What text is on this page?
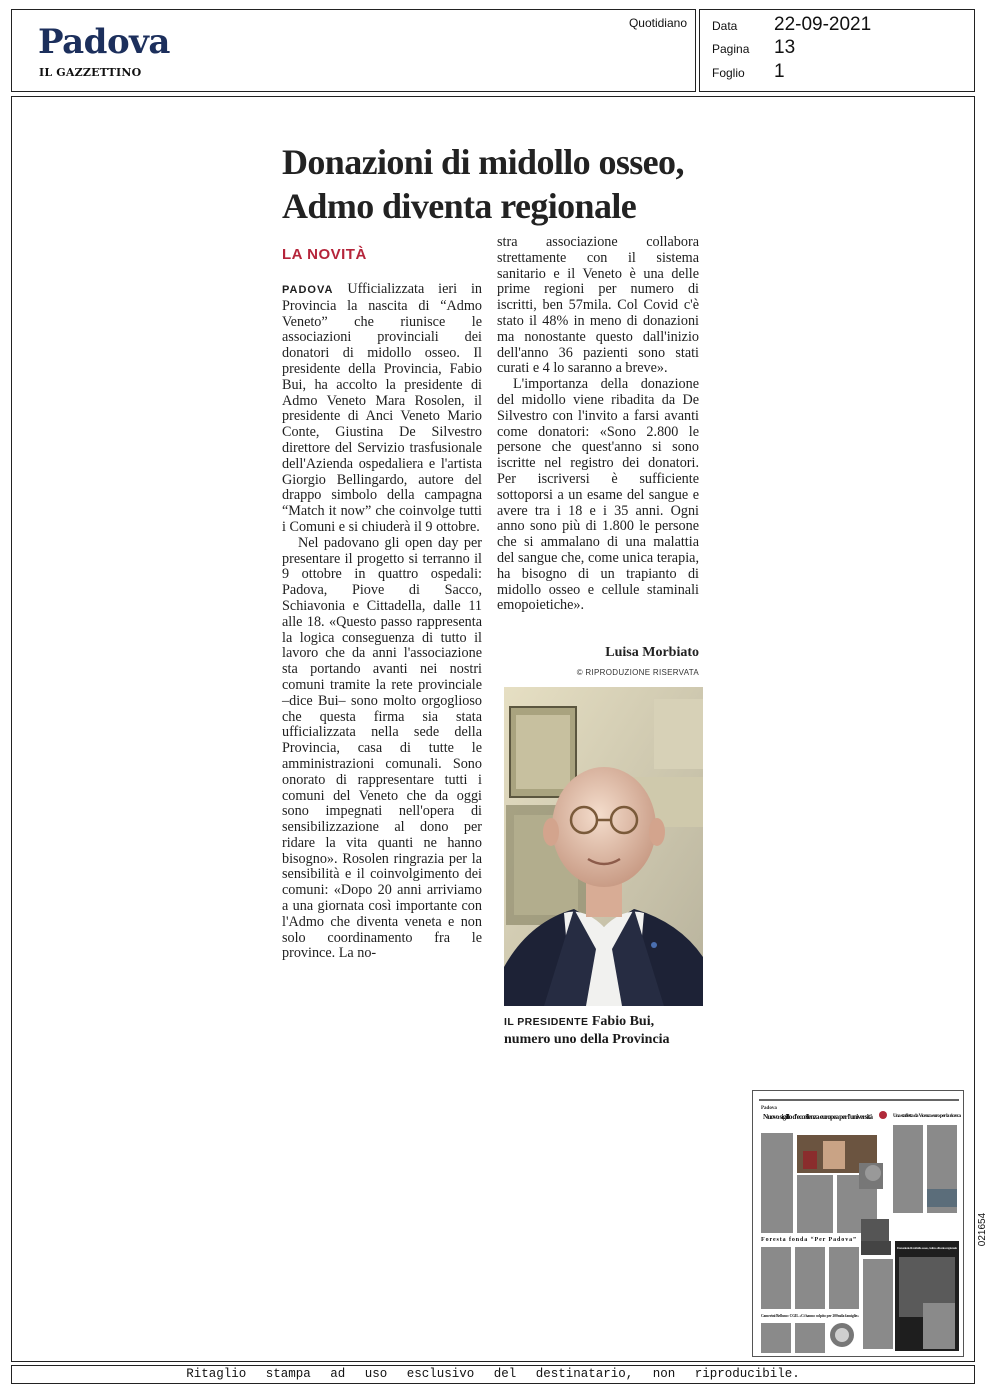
Padova
IL GAZZETTINO
Quotidiano Data 22-09-2021
Pagina 13
Foglio 1
Donazioni di midollo osseo,
Admo diventa regionale
LA NOVITÀ

PADOVA Ufficializzata ieri in Provincia la nascita di “Admo Veneto” che riunisce le associazioni provinciali dei donatori di midollo osseo. Il presidente della Provincia, Fabio Bui, ha accolto la presidente di Admo Veneto Mara Rosolen, il presidente di Anci Veneto Mario Conte, Giustina De Silvestro direttore del Servizio trasfusionale dell'Azienda ospedaliera e l'artista Giorgio Bellingardo, autore del drappo simbolo della campagna “Match it now” che coinvolge tutti i Comuni e si chiuderà il 9 ottobre.

Nel padovano gli open day per presentare il progetto si terranno il 9 ottobre in quattro ospedali: Padova, Piove di Sacco, Schiavonia e Cittadella, dalle 11 alle 18. «Questo passo rappresenta la logica conseguenza di tutto il lavoro che da anni l'associazione sta portando avanti nei nostri comuni tramite la rete provinciale –dice Bui– sono molto orgoglioso che questa firma sia stata ufficializzata nella sede della Provincia, casa di tutte le amministrazioni comunali. Sono onorato di rappresentare tutti i comuni del Veneto che da oggi sono impegnati nell'opera di sensibilizzazione al dono per ridare la vita quanti ne hanno bisogno». Rosolen ringrazia per la sensibilità e il coinvolgimento dei comuni: «Dopo 20 anni arriviamo a una giornata così importante con l'Admo che diventa veneta e non solo coordinamento fra le province. La no-

stra associazione collabora strettamente con il sistema sanitario e il Veneto è una delle prime regioni per numero di iscritti, ben 57mila. Col Covid c'è stato il 48% in meno di donazioni ma nonostante questo dall'inizio dell'anno 36 pazienti sono stati curati e 4 lo saranno a breve».

L'importanza della donazione del midollo viene ribadita da De Silvestro con l'invito a farsi avanti come donatori: «Sono 2.800 le persone che quest'anno si sono iscritte nel registro dei donatori. Per iscriversi è sufficiente sottoporsi a un esame del sangue e avere tra i 18 e i 35 anni. Ogni anno sono più di 1.800 le persone che si ammalano di una malattia del sangue che, come unica terapia, ha bisogno di un trapianto di midollo osseo e cellule staminali emopoietiche».

Luisa Morbiato
© RIPRODUZIONE RISERVATA
IL PRESIDENTE Fabio Bui,
numero uno della Provincia
Padova
Nuovo sigillo d'eccellenza europea per l'università	Una staffetta da Vicenza euro per la ricerca
Foresta fonda “Per Padova”
Donazioni di midollo osseo, Admo diventa regionale
Camerini/Belluno: CGIL «Ci hanno colpito per 200mila famiglie»
021654
Ritaglio stampa ad uso esclusivo del destinatario, non riproducibile.
